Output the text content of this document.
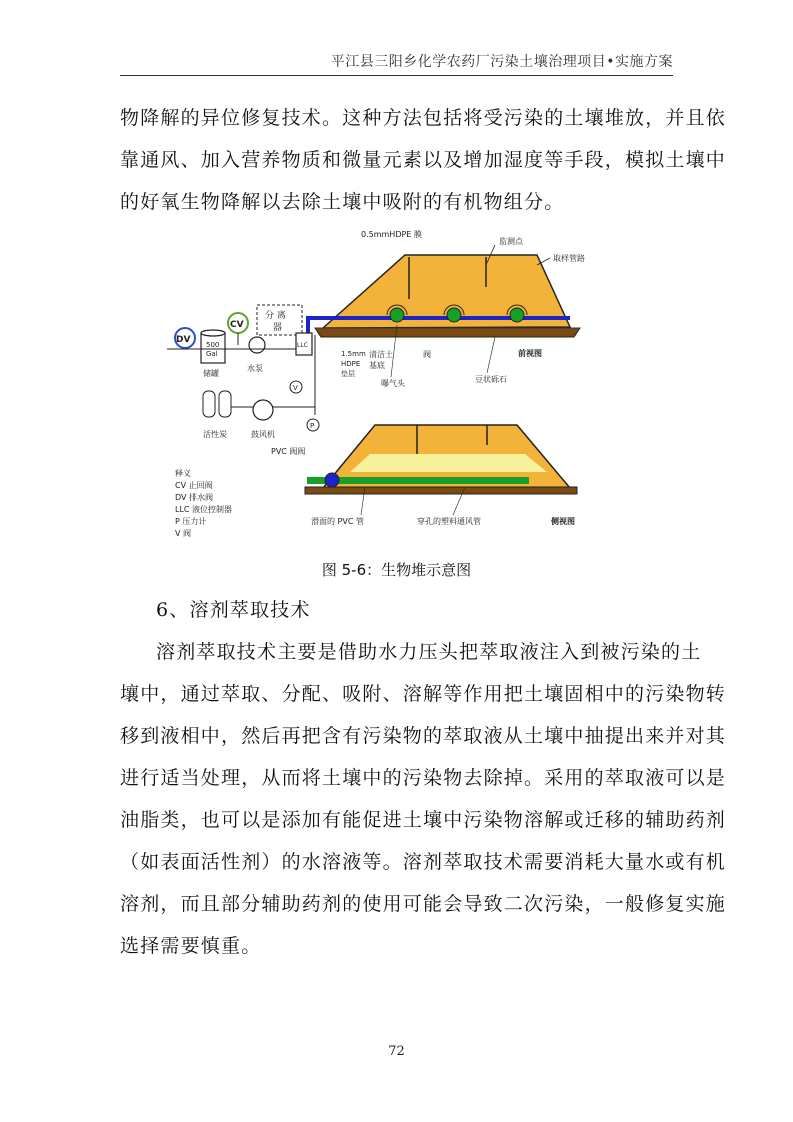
平江县三阳乡化学农药厂污染土壤治理项目•实施方案
物降解的异位修复技术。这种方法包括将受污染的土壤堆放，并且依
靠通风、加入营养物质和微量元素以及增加湿度等手段，模拟土壤中
的好氧生物降解以去除土壤中吸附的有机物组分。
0.5mmHDPE 膜
监测点
取样管路
DV 500
Gal
储罐
CV
水泵
分 离
器
LLC
1.5mm
HDPE
垫层
清洁土
基底
阀
曝气头
前视图
豆状砾石
V
活性炭	鼓风机
P
PVC 阀阀
释义
CV 止回阀
DV 排水阀
LLC 液位控制器
P 压力计
V 阀
滑面的 PVC 管	穿孔的塑料通风管	侧视图
图 5-6：生物堆示意图
6、溶剂萃取技术
溶剂萃取技术主要是借助水力压头把萃取液注入到被污染的土
壤中，通过萃取、分配、吸附、溶解等作用把土壤固相中的污染物转
移到液相中，然后再把含有污染物的萃取液从土壤中抽提出来并对其
进行适当处理，从而将土壤中的污染物去除掉。采用的萃取液可以是
油脂类，也可以是添加有能促进土壤中污染物溶解或迁移的辅助药剂
（如表面活性剂）的水溶液等。溶剂萃取技术需要消耗大量水或有机
溶剂，而且部分辅助药剂的使用可能会导致二次污染，一般修复实施
选择需要慎重。
72
